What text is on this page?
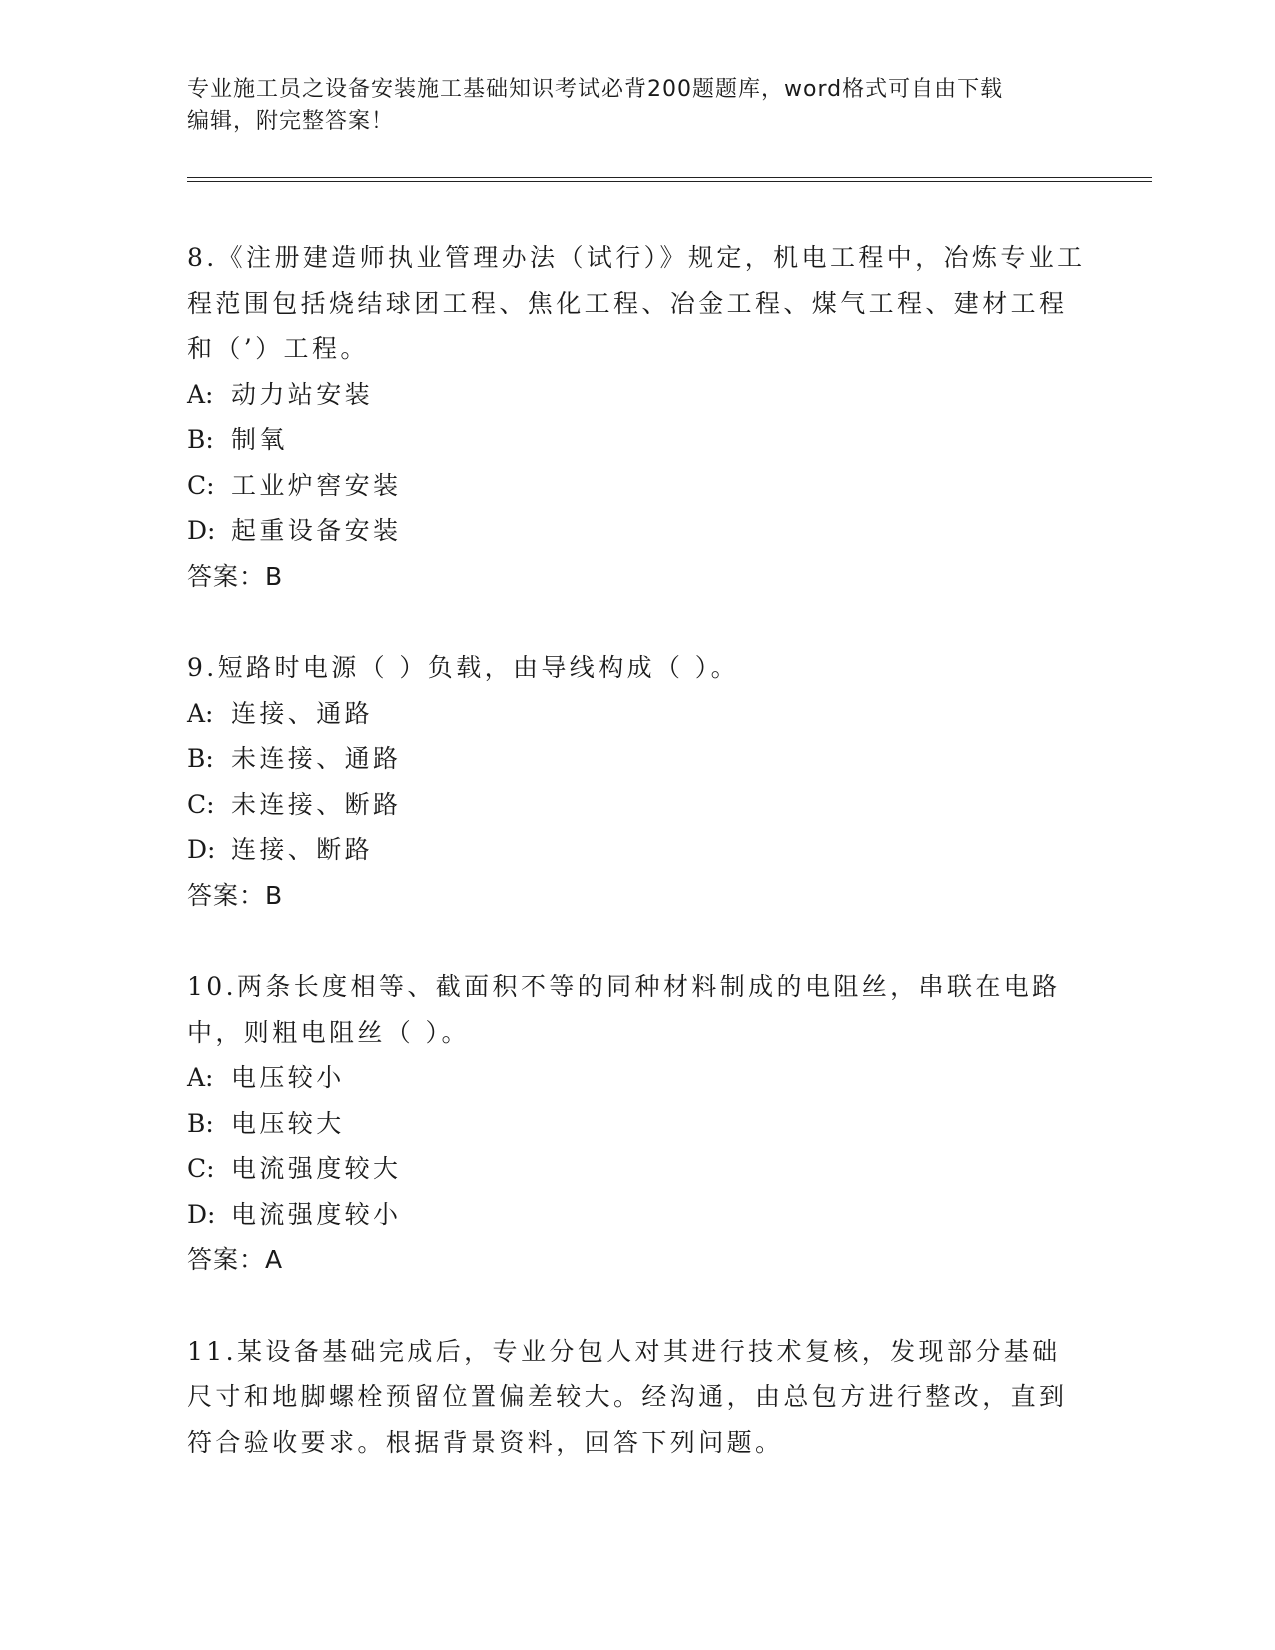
专业施工员之设备安装施工基础知识考试必背200题题库，word格式可自由下载
编辑，附完整答案！

8.《注册建造师执业管理办法（试行）》规定，机电工程中，冶炼专业工程范围包括烧结球团工程、焦化工程、冶金工程、煤气工程、建材工程和（’）工程。

A: 动力站安装
B: 制氧
C: 工业炉窖安装
D: 起重设备安装
答案：B

9.短路时电源（ ）负载，由导线构成（ ）。

A: 连接、通路
B: 未连接、通路
C: 未连接、断路
D: 连接、断路
答案：B

10.两条长度相等、截面积不等的同种材料制成的电阻丝，串联在电路中，则粗电阻丝（ ）。

A: 电压较小
B: 电压较大
C: 电流强度较大
D: 电流强度较小
答案：A

11.某设备基础完成后，专业分包人对其进行技术复核，发现部分基础尺寸和地脚螺栓预留位置偏差较大。经沟通，由总包方进行整改，直到符合验收要求。根据背景资料，回答下列问题。
